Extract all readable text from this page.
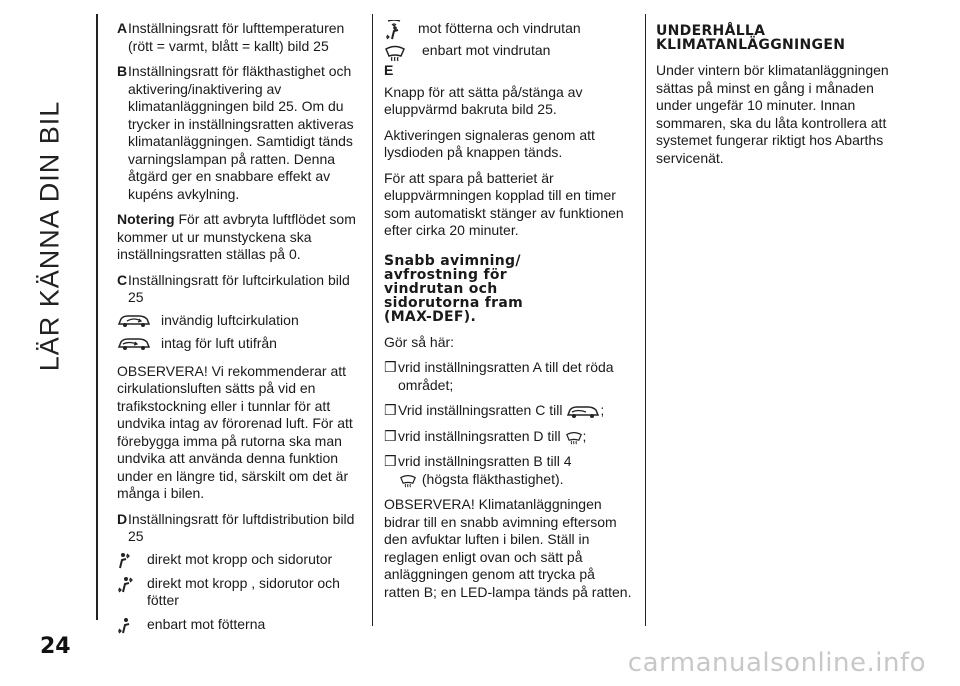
LÄR KÄNNA DIN BIL
24
carmanualsonline.info
A Inställningsratt för lufttemperaturen (rött = varmt, blått = kallt) bild 25
B Inställningsratt för fläkthastighet och aktivering/inaktivering av klimatanläggningen bild 25. Om du trycker in inställningsratten aktiveras klimatanläggningen. Samtidigt tänds varningslampan på ratten. Denna åtgärd ger en snabbare effekt av kupéns avkylning.

Notering För att avbryta luftflödet som kommer ut ur munstyckena ska inställningsratten ställas på 0.

C Inställningsratt för luftcirkulation bild 25
invändig luftcirkulation
intag för luft utifrån

OBSERVERA! Vi rekommenderar att cirkulationsluften sätts på vid en trafikstockning eller i tunnlar för att undvika intag av förorenad luft. För att förebygga imma på rutorna ska man undvika att använda denna funktion under en längre tid, särskilt om det är många i bilen.

D Inställningsratt för luftdistribution bild 25
direkt mot kropp och sidorutor
direkt mot kropp , sidorutor och fötter
enbart mot fötterna
mot fötterna och vindrutan
enbart mot vindrutan
E

Knapp för att sätta på/stänga av eluppvärmd bakruta bild 25.

Aktiveringen signaleras genom att lysdioden på knappen tänds.

För att spara på batteriet är eluppvärmningen kopplad till en timer som automatiskt stänger av funktionen efter cirka 20 minuter.

Snabb avimning/
avfrostning för
vindrutan och
sidorutorna fram
(MAX-DEF).

Gör så här:

❒ vrid inställningsratten A till det röda området;
❒ Vrid inställningsratten C till	;
❒ vrid inställningsratten D till ;
❒ vrid inställningsratten B till 4
(högsta fläkthastighet).

OBSERVERA! Klimatanläggningen bidrar till en snabb avimning eftersom den avfuktar luften i bilen. Ställ in reglagen enligt ovan och sätt på anläggningen genom att trycka på ratten B; en LED-lampa tänds på ratten.

UNDERHÅLLA
KLIMATANLÄGGNINGEN

Under vintern bör klimatanläggningen sättas på minst en gång i månaden under ungefär 10 minuter. Innan sommaren, ska du låta kontrollera att systemet fungerar riktigt hos Abarths servicenät.
